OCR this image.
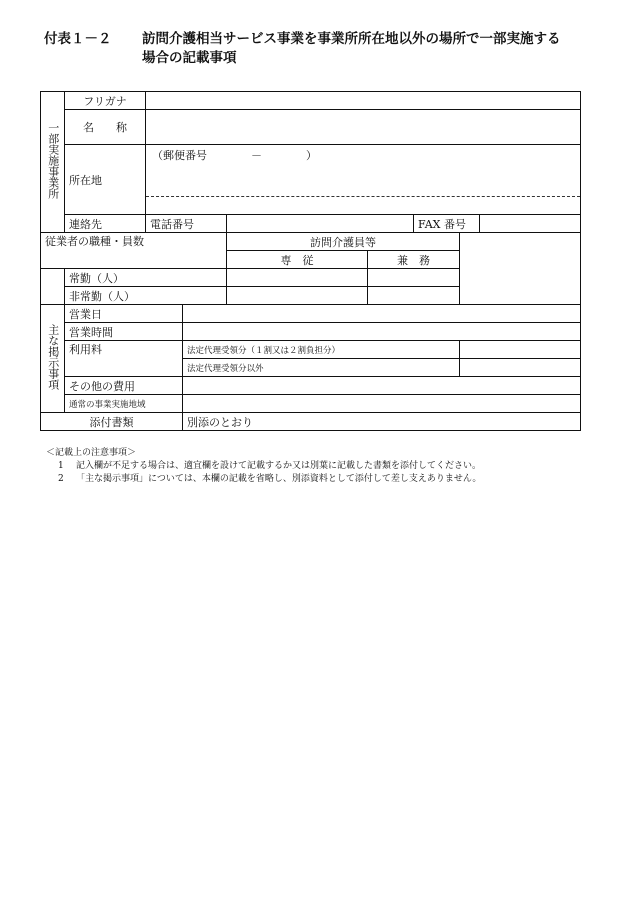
付表１－２ 訪問介護相当サービス事業を事業所所在地以外の場所で一部実施する
場合の記載事項
一部実施事業所	フリガナ							
	名　　称							
	所在地	（郵便番号　　　　－　　　　）						

	連絡先	電話番号				FAX 番号		
従業者の職種・員数				訪問介護員等				
				専　従	兼　務			
	常勤（人）							
	非常勤（人）							
主な掲示事項	営業日							
	営業時間							
	利用料		法定代理受領分（１割又は２割負担分）					
			法定代理受領分以外					
	その他の費用							
	通常の事業実施地域							
添付書類			別添のとおり					
＜記載上の注意事項＞
1 記入欄が不足する場合は、適宜欄を設けて記載するか又は別葉に記載した書類を添付してください。
2 「主な掲示事項」については、本欄の記載を省略し、別添資料として添付して差し支えありません。
